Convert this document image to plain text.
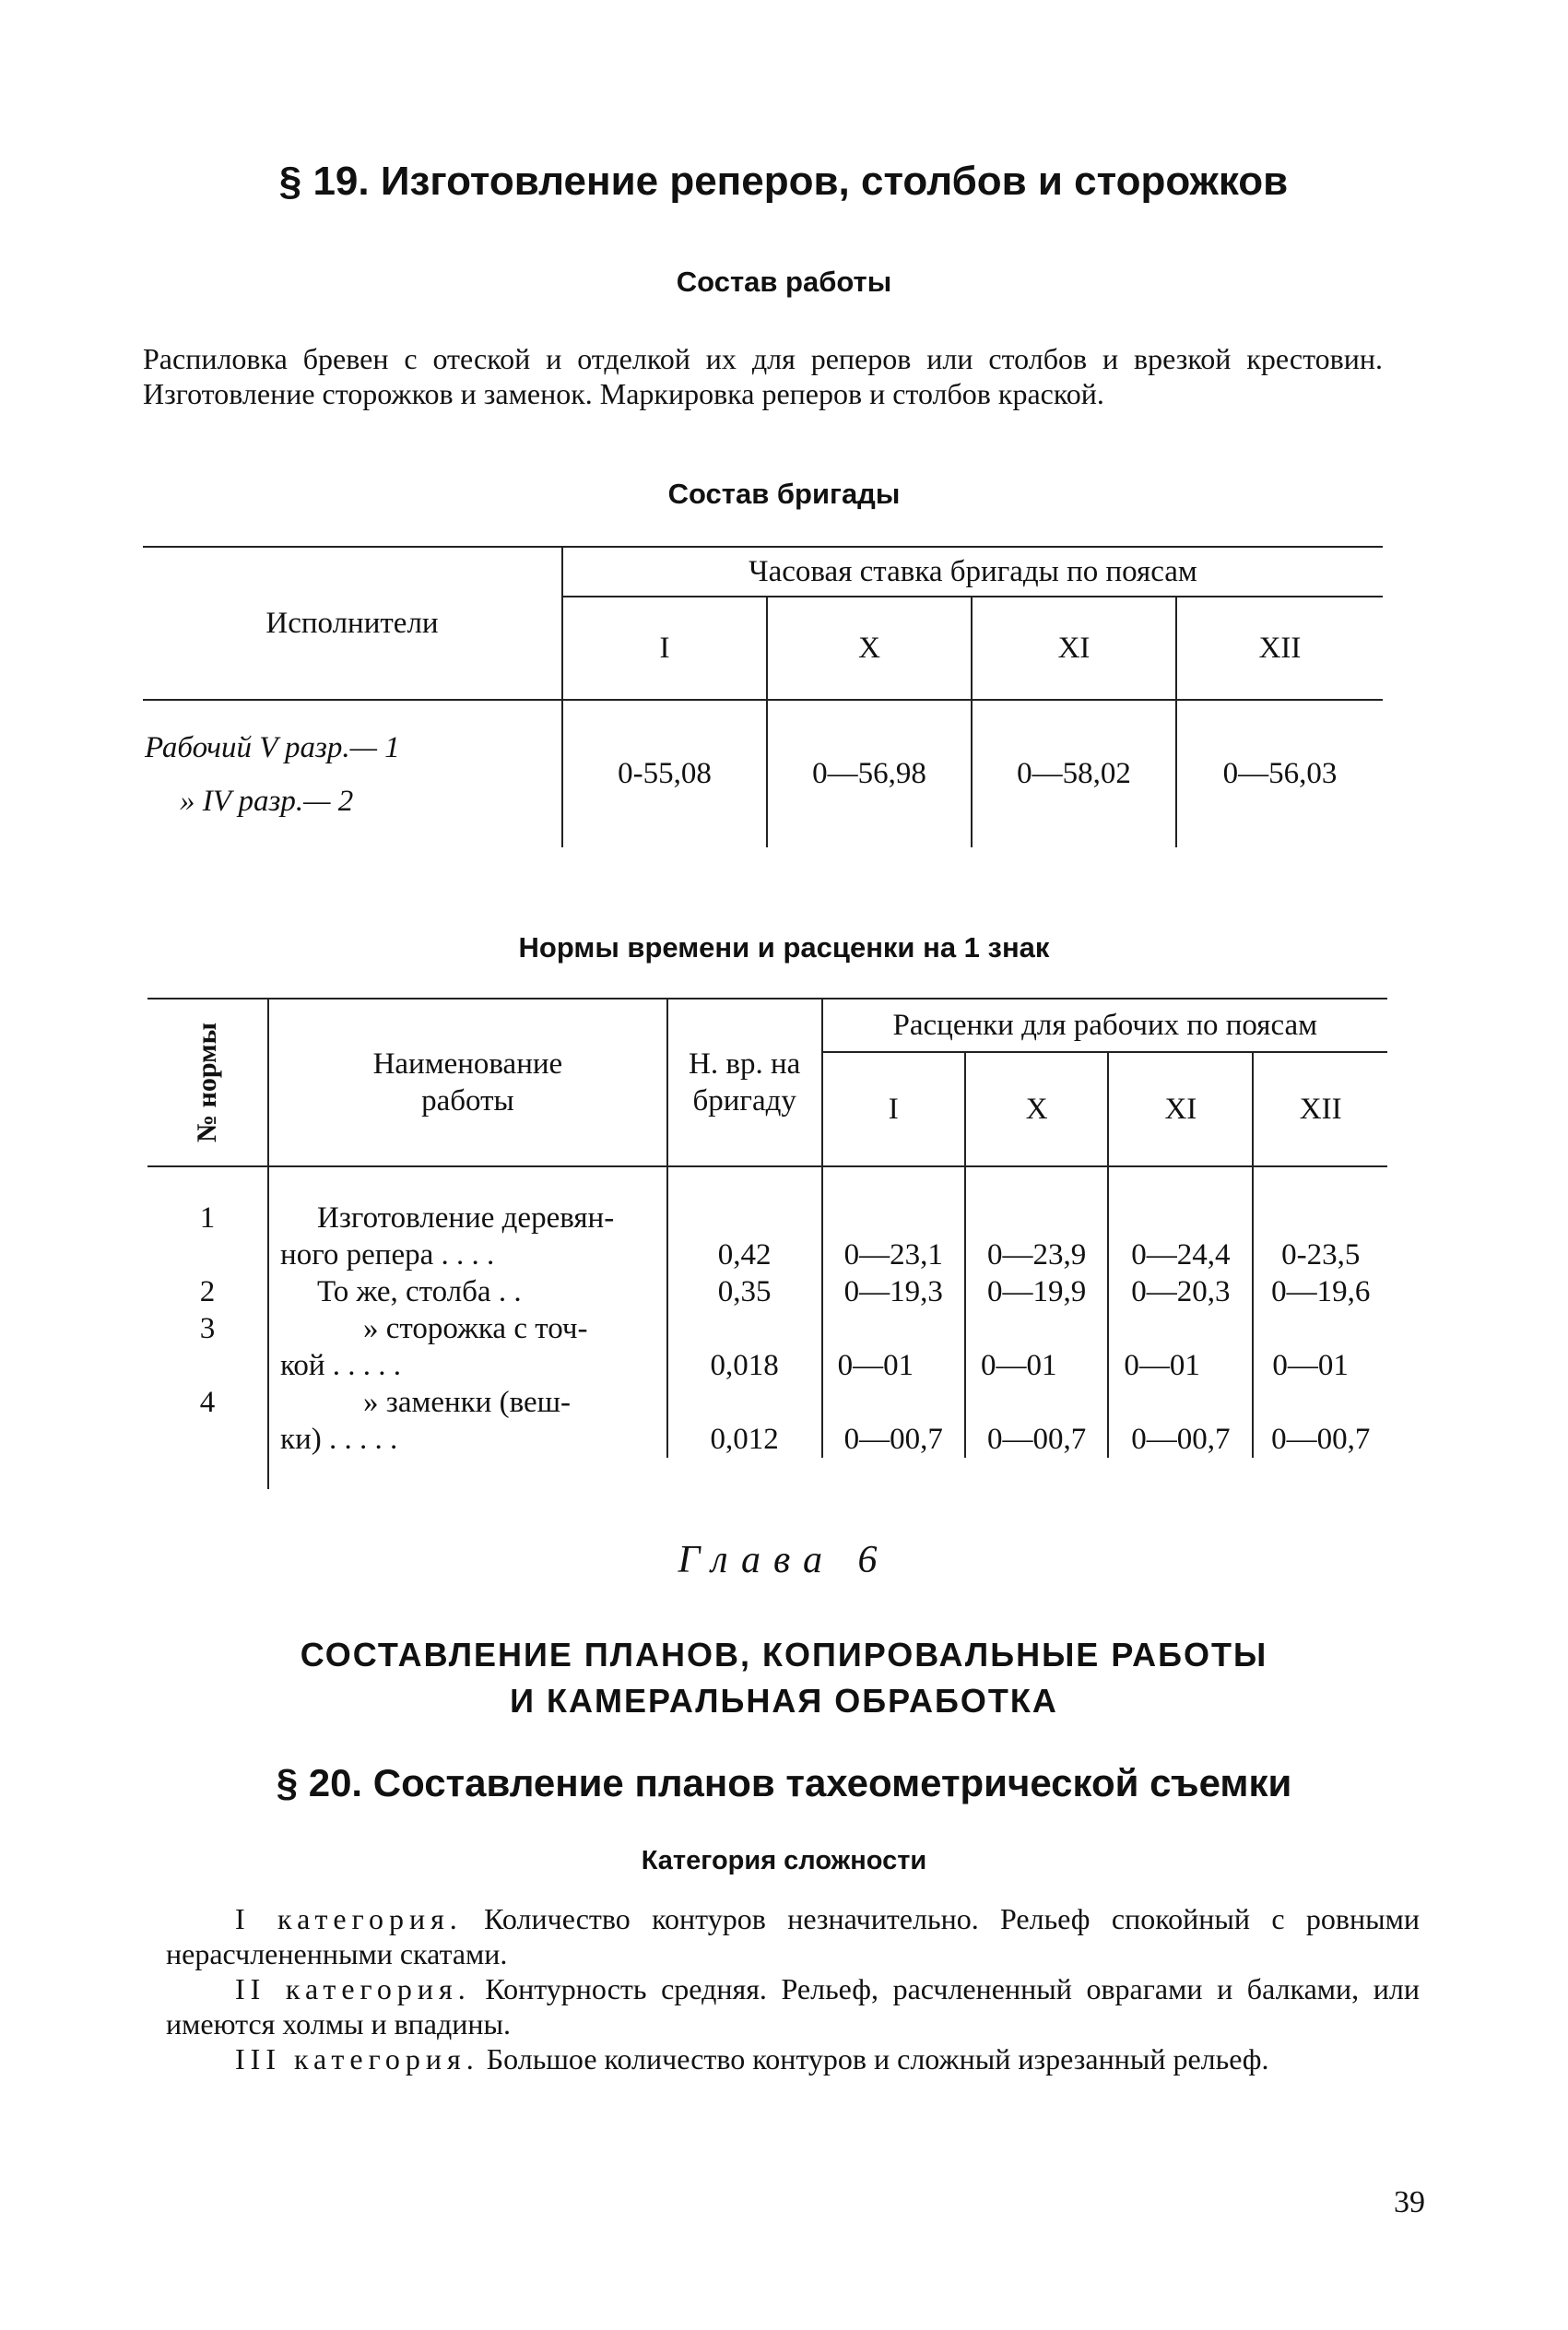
§ 19. Изготовление реперов, столбов и сторожков
Состав работы
Распиловка бревен с отеской и отделкой их для реперов или столбов и врезкой крестовин. Изготовление сторожков и заменок. Маркировка реперов и столбов краской.
Состав бригады
Исполнители	Часовая ставка бригады по поясам			
	I	X	XI	XII

Рабочий V разр.— 1
» IV разр.— 2	0-55,08	0—56,98	0—58,02	0—56,03
Нормы времени и расценки на 1 знак
№ нормы	Наименование работы	Н. вр. на бригаду	Расценки для рабочих по поясам			
			I	X	XI	XII

1	Изготовление деревян-
ного репера . . . .	0,42	0—23,1	0—23,9	0—24,4	0-23,5
2	То же, столба . .	0,35	0—19,3	0—19,9	0—20,3	0—19,6
3	» сторожка с точ-
кой . . . . .	0,018	0—01	0—01	0—01	0—01
4	» заменки (веш-
ки) . . . . .	0,012	0—00,7	0—00,7	0—00,7	0—00,7

Глава 6
СОСТАВЛЕНИЕ ПЛАНОВ, КОПИРОВАЛЬНЫЕ РАБОТЫ
И КАМЕРАЛЬНАЯ ОБРАБОТКА
§ 20. Составление планов тахеометрической съемки
Категория сложности

I категория. Количество контуров незначительно. Рельеф спокойный с ровными нерасчлененными скатами.

II категория. Контурность средняя. Рельеф, расчлененный оврагами и балками, или имеются холмы и впадины.

III категория. Большое количество контуров и сложный изрезанный рельеф.

39
